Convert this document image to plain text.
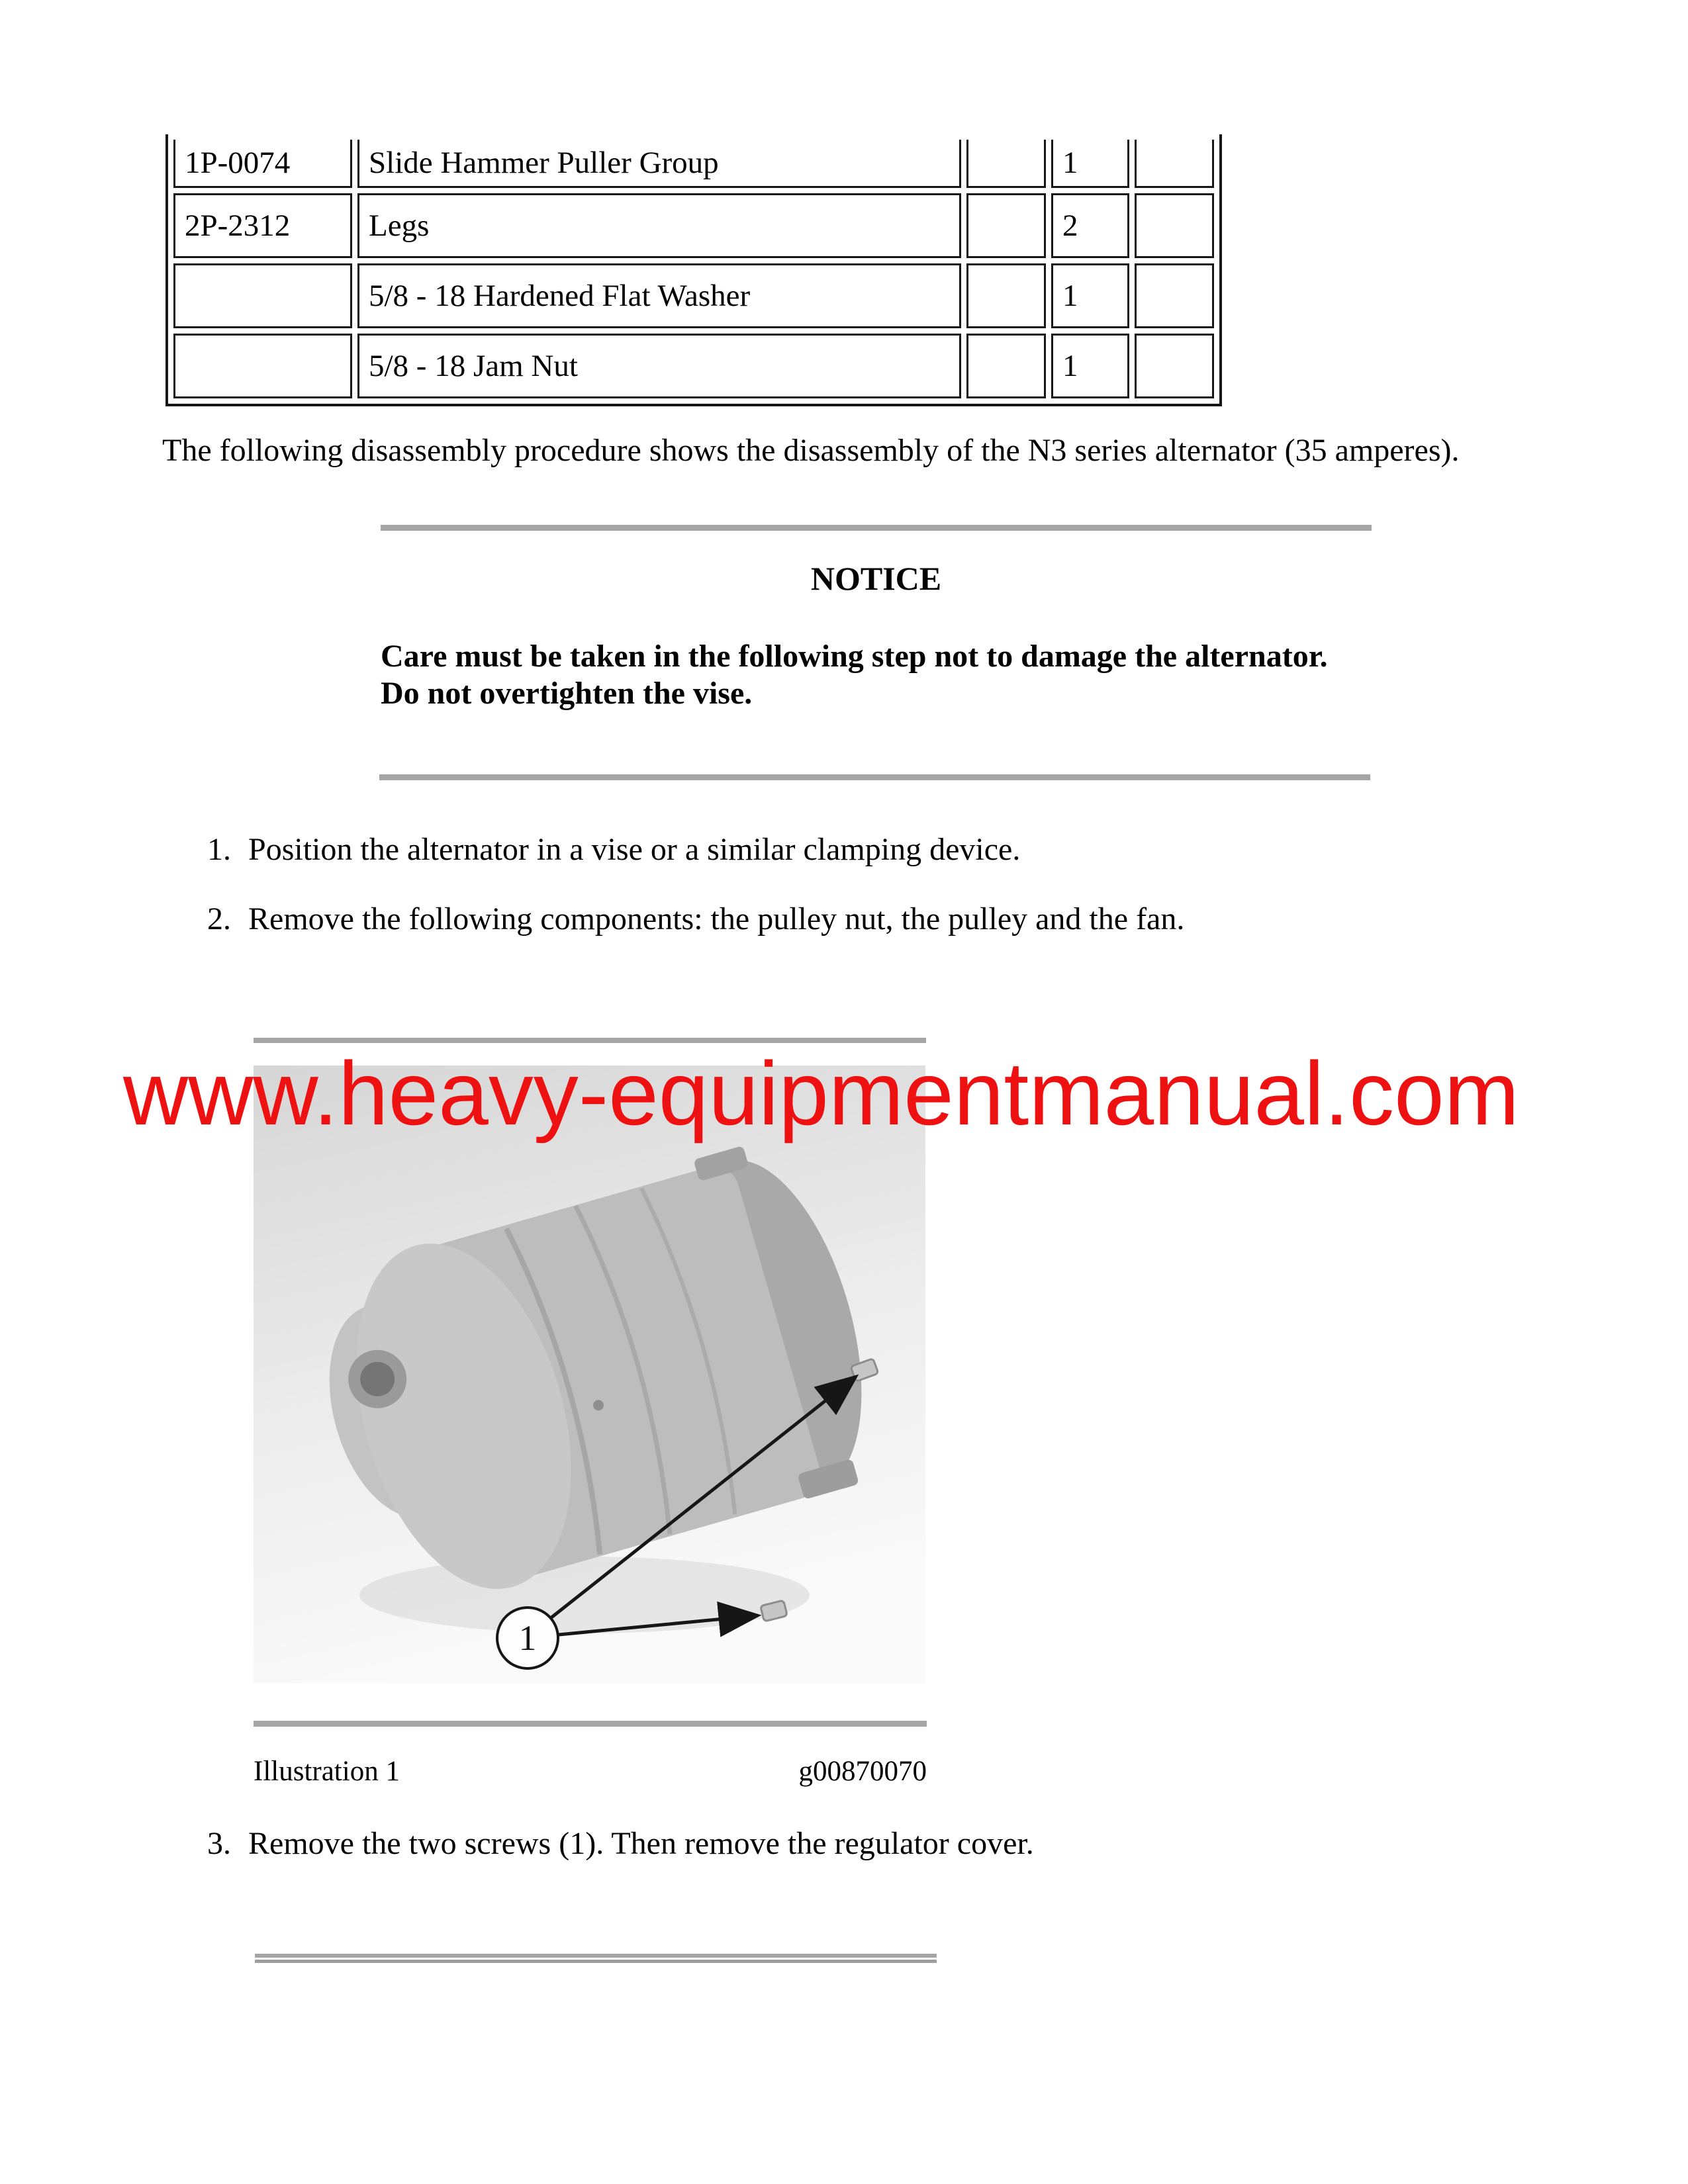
1P-0074	Slide Hammer Puller Group		1	
2P-2312	Legs		2	
	5/8 - 18 Hardened Flat Washer		1	
	5/8 - 18 Jam Nut		1	
The following disassembly procedure shows the disassembly of the N3 series alternator (35 amperes).
NOTICE
Care must be taken in the following step not to damage the alternator.
Do not overtighten the vise.
1. Position the alternator in a vise or a similar clamping device.
2. Remove the following components: the pulley nut, the pulley and the fan.
www.heavy-equipmentmanual.com
1
Illustration 1	g00870070
3. Remove the two screws (1). Then remove the regulator cover.
